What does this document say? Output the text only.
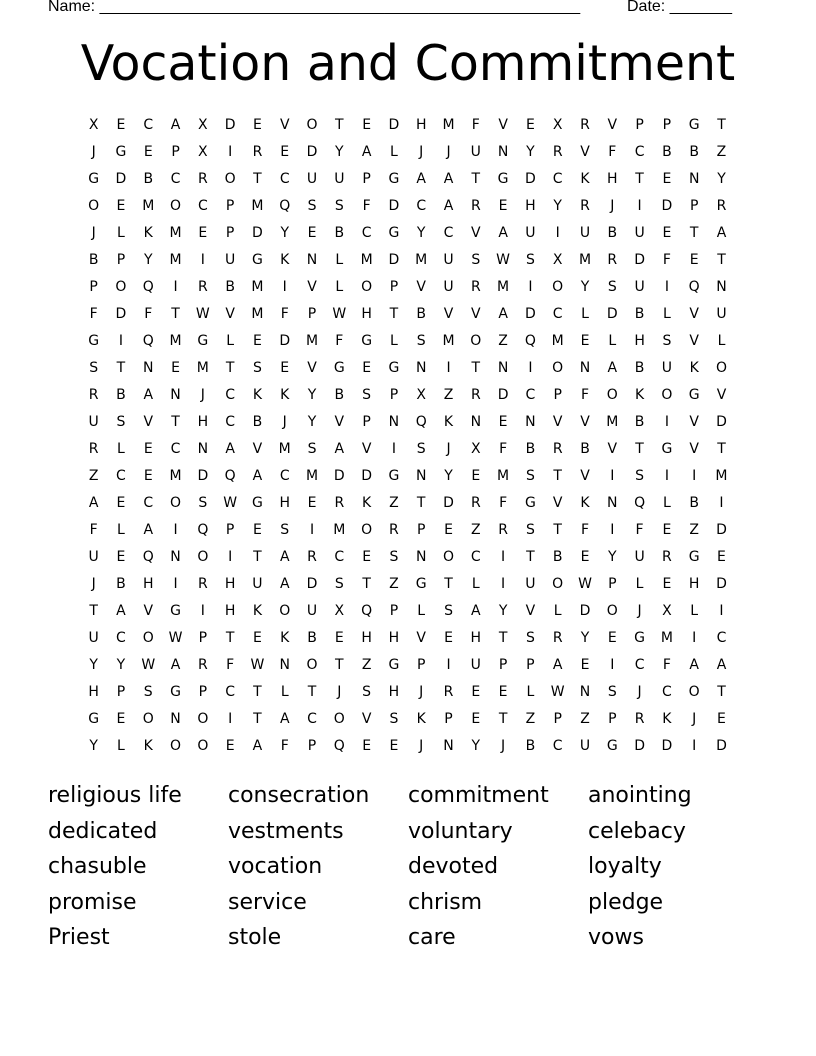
Name: ______________________________________________________	Date: _______
Vocation and Commitment
X	E	C	A	X	D	E	V	O	T	E	D	H	M	F	V	E	X	R	V	P	P	G	T
J	G	E	P	X	I	R	E	D	Y	A	L	J	J	U	N	Y	R	V	F	C	B	B	Z
G	D	B	C	R	O	T	C	U	U	P	G	A	A	T	G	D	C	K	H	T	E	N	Y
O	E	M	O	C	P	M	Q	S	S	F	D	C	A	R	E	H	Y	R	J	I	D	P	R
J	L	K	M	E	P	D	Y	E	B	C	G	Y	C	V	A	U	I	U	B	U	E	T	A
B	P	Y	M	I	U	G	K	N	L	M	D	M	U	S	W	S	X	M	R	D	F	E	T
P	O	Q	I	R	B	M	I	V	L	O	P	V	U	R	M	I	O	Y	S	U	I	Q	N
F	D	F	T	W	V	M	F	P	W	H	T	B	V	V	A	D	C	L	D	B	L	V	U
G	I	Q	M	G	L	E	D	M	F	G	L	S	M	O	Z	Q	M	E	L	H	S	V	L
S	T	N	E	M	T	S	E	V	G	E	G	N	I	T	N	I	O	N	A	B	U	K	O
R	B	A	N	J	C	K	K	Y	B	S	P	X	Z	R	D	C	P	F	O	K	O	G	V
U	S	V	T	H	C	B	J	Y	V	P	N	Q	K	N	E	N	V	V	M	B	I	V	D
R	L	E	C	N	A	V	M	S	A	V	I	S	J	X	F	B	R	B	V	T	G	V	T
Z	C	E	M	D	Q	A	C	M	D	D	G	N	Y	E	M	S	T	V	I	S	I	I	M
A	E	C	O	S	W	G	H	E	R	K	Z	T	D	R	F	G	V	K	N	Q	L	B	I
F	L	A	I	Q	P	E	S	I	M	O	R	P	E	Z	R	S	T	F	I	F	E	Z	D
U	E	Q	N	O	I	T	A	R	C	E	S	N	O	C	I	T	B	E	Y	U	R	G	E
J	B	H	I	R	H	U	A	D	S	T	Z	G	T	L	I	U	O	W	P	L	E	H	D
T	A	V	G	I	H	K	O	U	X	Q	P	L	S	A	Y	V	L	D	O	J	X	L	I
U	C	O	W	P	T	E	K	B	E	H	H	V	E	H	T	S	R	Y	E	G	M	I	C
Y	Y	W	A	R	F	W	N	O	T	Z	G	P	I	U	P	P	A	E	I	C	F	A	A
H	P	S	G	P	C	T	L	T	J	S	H	J	R	E	E	L	W	N	S	J	C	O	T
G	E	O	N	O	I	T	A	C	O	V	S	K	P	E	T	Z	P	Z	P	R	K	J	E
Y	L	K	O	O	E	A	F	P	Q	E	E	J	N	Y	J	B	C	U	G	D	D	I	D
religious life	consecration	commitment	anointing
dedicated	vestments	voluntary	celebacy
chasuble	vocation	devoted	loyalty
promise	service	chrism	pledge
Priest	stole	care	vows
